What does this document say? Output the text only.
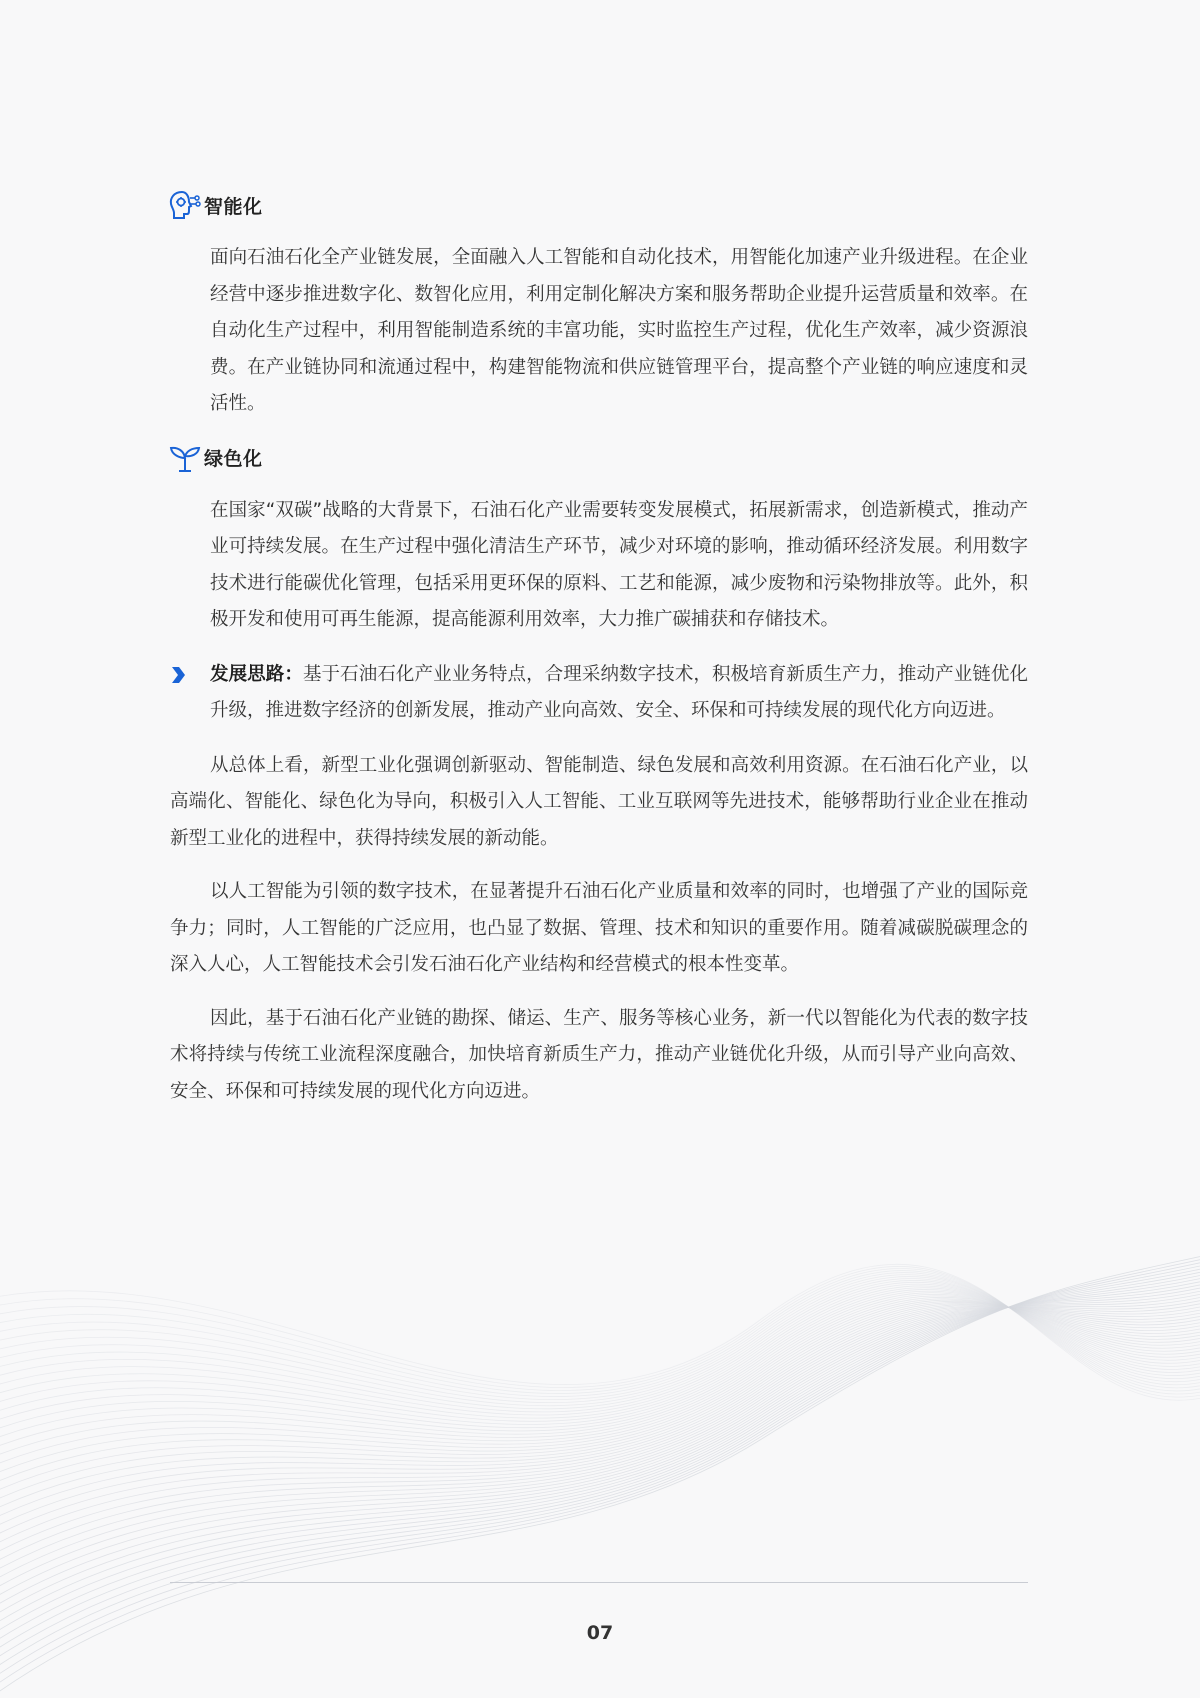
智能化

面向石油石化全产业链发展，全面融入人工智能和自动化技术，用智能化加速产业升级进程。在企业经营中逐步推进数字化、数智化应用，利用定制化解决方案和服务帮助企业提升运营质量和效率。在自动化生产过程中，利用智能制造系统的丰富功能，实时监控生产过程，优化生产效率，减少资源浪费。在产业链协同和流通过程中，构建智能物流和供应链管理平台，提高整个产业链的响应速度和灵活性。

绿色化

在国家“双碳”战略的大背景下，石油石化产业需要转变发展模式，拓展新需求，创造新模式，推动产业可持续发展。在生产过程中强化清洁生产环节，减少对环境的影响，推动循环经济发展。利用数字技术进行能碳优化管理，包括采用更环保的原料、工艺和能源，减少废物和污染物排放等。此外，积极开发和使用可再生能源，提高能源利用效率，大力推广碳捕获和存储技术。

发展思路：基于石油石化产业业务特点，合理采纳数字技术，积极培育新质生产力，推动产业链优化升级，推进数字经济的创新发展，推动产业向高效、安全、环保和可持续发展的现代化方向迈进。

从总体上看，新型工业化强调创新驱动、智能制造、绿色发展和高效利用资源。在石油石化产业，以高端化、智能化、绿色化为导向，积极引入人工智能、工业互联网等先进技术，能够帮助行业企业在推动新型工业化的进程中，获得持续发展的新动能。

以人工智能为引领的数字技术，在显著提升石油石化产业质量和效率的同时，也增强了产业的国际竞争力；同时，人工智能的广泛应用，也凸显了数据、管理、技术和知识的重要作用。随着减碳脱碳理念的深入人心，人工智能技术会引发石油石化产业结构和经营模式的根本性变革。

因此，基于石油石化产业链的勘探、储运、生产、服务等核心业务，新一代以智能化为代表的数字技术将持续与传统工业流程深度融合，加快培育新质生产力，推动产业链优化升级，从而引导产业向高效、安全、环保和可持续发展的现代化方向迈进。

07
